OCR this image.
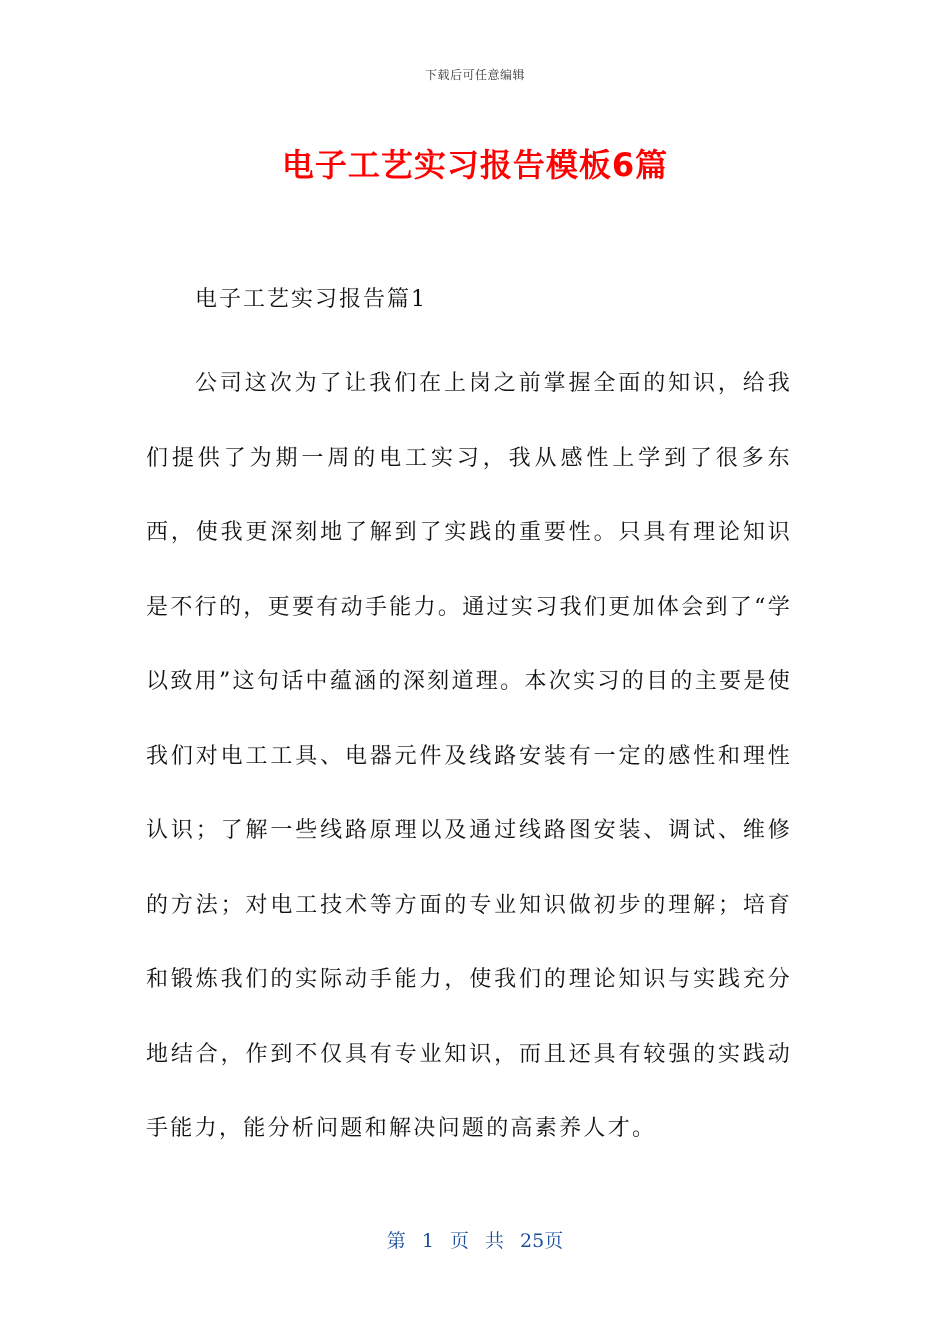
下载后可任意编辑
电子工艺实习报告模板6篇
电子工艺实习报告篇1

公司这次为了让我们在上岗之前掌握全面的知识，给我们提供了为期一周的电工实习，我从感性上学到了很多东西，使我更深刻地了解到了实践的重要性。只具有理论知识是不行的，更要有动手能力。通过实习我们更加体会到了“学以致用”这句话中蕴涵的深刻道理。本次实习的目的主要是使我们对电工工具、电器元件及线路安装有一定的感性和理性认识；了解一些线路原理以及通过线路图安装、调试、维修的方法；对电工技术等方面的专业知识做初步的理解；培育和锻炼我们的实际动手能力，使我们的理论知识与实践充分地结合，作到不仅具有专业知识，而且还具有较强的实践动手能力，能分析问题和解决问题的高素养人才。

第 1 页 共 25页
